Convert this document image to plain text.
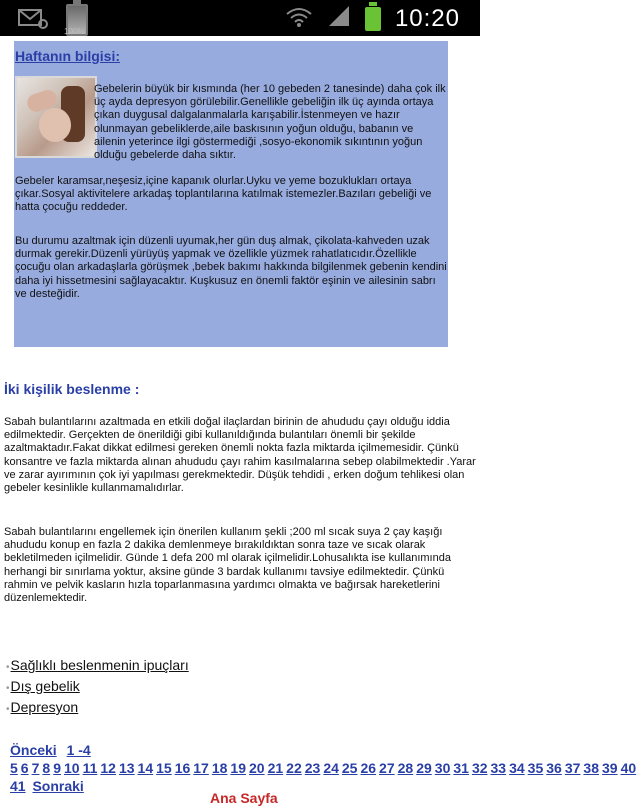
100%	10:20
Haftanın bilgisi:
Gebelerin büyük bir kısmında (her 10 gebeden 2 tanesinde) daha çok ilk üç ayda depresyon görülebilir.Genellikle gebeliğin ilk üç ayında ortaya çıkan duygusal dalgalanmalarla karışabilir.İstenmeyen ve hazır olunmayan gebeliklerde,aile baskısının yoğun olduğu, babanın ve ailenin yeterince ilgi göstermediği ,sosyo-ekonomik sıkıntının yoğun olduğu gebelerde daha sıktır.
Gebeler karamsar,neşesiz,içine kapanık olurlar.Uyku ve yeme bozuklukları ortaya çıkar.Sosyal aktivitelere arkadaş toplantılarına katılmak istemezler.Bazıları gebeliği ve hatta çocuğu reddeder.
Bu durumu azaltmak için düzenli uyumak,her gün duş almak, çikolata-kahveden uzak durmak gerekir.Düzenli yürüyüş yapmak ve özellikle yüzmek rahatlatıcıdır.Özellikle çocuğu olan arkadaşlarla görüşmek ,bebek bakımı hakkında bilgilenmek gebenin kendini daha iyi hissetmesini sağlayacaktır. Kuşkusuz en önemli faktör eşinin ve ailesinin sabrı ve desteğidir.
İki kişilik beslenme :
Sabah bulantılarını azaltmada en etkili doğal ilaçlardan birinin de ahududu çayı olduğu iddia edilmektedir. Gerçekten de önerildiği gibi kullanıldığında bulantıları önemli bir şekilde azaltmaktadır.Fakat dikkat edilmesi gereken önemli nokta fazla miktarda içilmemesidir. Çünkü konsantre ve fazla miktarda alınan ahududu çayı rahim kasılmalarına sebep olabilmektedir .Yarar ve zarar ayırımının çok iyi yapılması gerekmektedir. Düşük tehdidi , erken doğum tehlikesi olan gebeler kesinlikle kullanmamalıdırlar.
Sabah bulantılarını engellemek için önerilen kullanım şekli ;200 ml sıcak suya 2 çay kaşığı ahududu konup en fazla 2 dakika demlenmeye bırakıldıktan sonra taze ve sıcak olarak bekletilmeden içilmelidir. Günde 1 defa 200 ml olarak içilmelidir.Lohusalıkta ise kullanımında herhangi bir sınırlama yoktur, aksine günde 3 bardak kullanımı tavsiye edilmektedir. Çünkü rahmin ve pelvik kasların hızla toparlanmasına yardımcı olmakta ve bağırsak hareketlerini düzenlemektedir.
•Sağlıklı beslenmenin ipuçları
•Dış gebelik
•Depresyon
Önceki 1 -4 5 6 7 8 9 10 11 12 13 14 15 16 17 18 19 20 21 22 23 24 25 26 27 28 29 30 31 32 33 34 35 36 37 38 39 40 41 Sonraki
Ana Sayfa
